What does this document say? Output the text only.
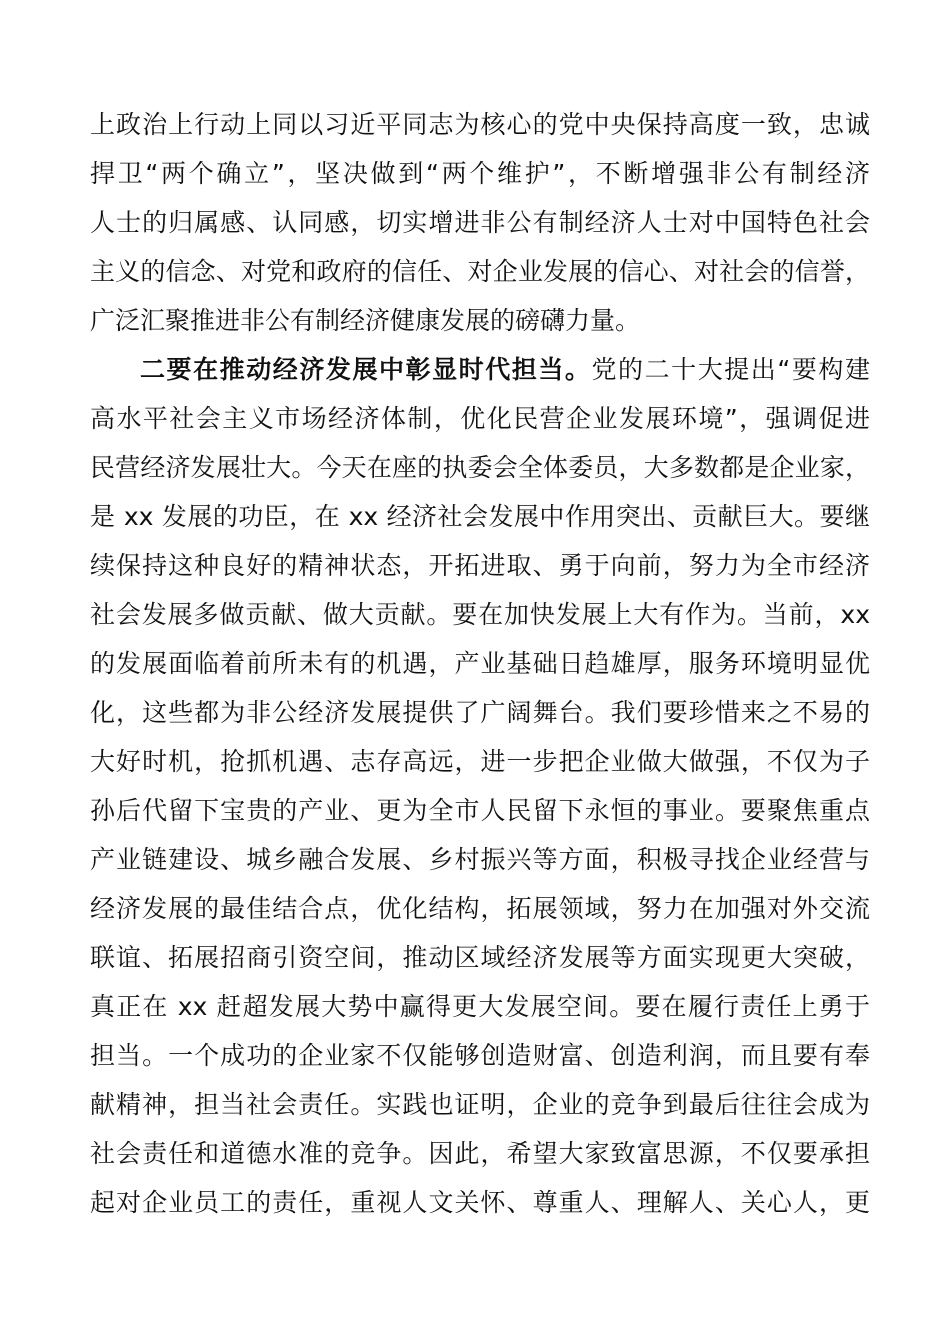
上政治上行动上同以习近平同志为核心的党中央保持高度一致，忠诚
捍卫“两个确立”，坚决做到“两个维护”，不断增强非公有制经济
人士的归属感、认同感，切实增进非公有制经济人士对中国特色社会
主义的信念、对党和政府的信任、对企业发展的信心、对社会的信誉，
广泛汇聚推进非公有制经济健康发展的磅礴力量。
二要在推动经济发展中彰显时代担当。党的二十大提出“要构建
高水平社会主义市场经济体制，优化民营企业发展环境”，强调促进
民营经济发展壮大。今天在座的执委会全体委员，大多数都是企业家，
是 xx 发展的功臣，在 xx 经济社会发展中作用突出、贡献巨大。要继
续保持这种良好的精神状态，开拓进取、勇于向前，努力为全市经济
社会发展多做贡献、做大贡献。要在加快发展上大有作为。当前，xx
的发展面临着前所未有的机遇，产业基础日趋雄厚，服务环境明显优
化，这些都为非公经济发展提供了广阔舞台。我们要珍惜来之不易的
大好时机，抢抓机遇、志存高远，进一步把企业做大做强，不仅为子
孙后代留下宝贵的产业、更为全市人民留下永恒的事业。要聚焦重点
产业链建设、城乡融合发展、乡村振兴等方面，积极寻找企业经营与
经济发展的最佳结合点，优化结构，拓展领域，努力在加强对外交流
联谊、拓展招商引资空间，推动区域经济发展等方面实现更大突破，
真正在 xx 赶超发展大势中赢得更大发展空间。要在履行责任上勇于
担当。一个成功的企业家不仅能够创造财富、创造利润，而且要有奉
献精神，担当社会责任。实践也证明，企业的竞争到最后往往会成为
社会责任和道德水准的竞争。因此，希望大家致富思源，不仅要承担
起对企业员工的责任，重视人文关怀、尊重人、理解人、关心人，更
